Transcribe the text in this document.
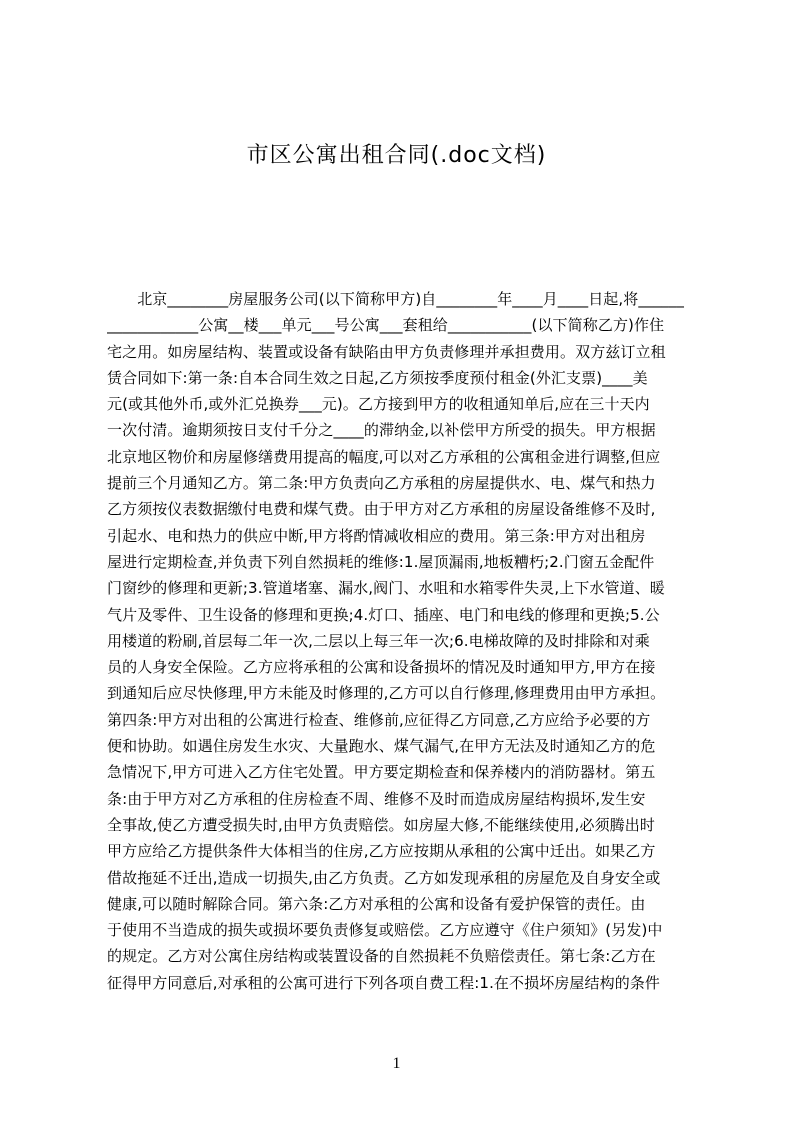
市区公寓出租合同(.doc文档)
　　北京________房屋服务公司(以下简称甲方)自________年____月____日起,将______
____________公寓__楼___单元___号公寓___套租给___________(以下简称乙方)作住
宅之用。如房屋结构、装置或设备有缺陷由甲方负责修理并承担费用。双方兹订立租
赁合同如下:第一条:自本合同生效之日起,乙方须按季度预付租金(外汇支票)____美
元(或其他外币,或外汇兑换券___元)。乙方接到甲方的收租通知单后,应在三十天内
一次付清。逾期须按日支付千分之____的滞纳金,以补偿甲方所受的损失。甲方根据
北京地区物价和房屋修缮费用提高的幅度,可以对乙方承租的公寓租金进行调整,但应
提前三个月通知乙方。第二条:甲方负责向乙方承租的房屋提供水、电、煤气和热力
乙方须按仪表数据缴付电费和煤气费。由于甲方对乙方承租的房屋设备维修不及时,
引起水、电和热力的供应中断,甲方将酌情减收相应的费用。第三条:甲方对出租房
屋进行定期检查,并负责下列自然损耗的维修:1.屋顶漏雨,地板糟朽;2.门窗五金配件
门窗纱的修理和更新;3.管道堵塞、漏水,阀门、水咀和水箱零件失灵,上下水管道、暖
气片及零件、卫生设备的修理和更换;4.灯口、插座、电门和电线的修理和更换;5.公
用楼道的粉刷,首层每二年一次,二层以上每三年一次;6.电梯故障的及时排除和对乘
员的人身安全保险。乙方应将承租的公寓和设备损坏的情况及时通知甲方,甲方在接
到通知后应尽快修理,甲方未能及时修理的,乙方可以自行修理,修理费用由甲方承担。
第四条:甲方对出租的公寓进行检查、维修前,应征得乙方同意,乙方应给予必要的方
便和协助。如遇住房发生水灾、大量跑水、煤气漏气,在甲方无法及时通知乙方的危
急情况下,甲方可进入乙方住宅处置。甲方要定期检查和保养楼内的消防器材。第五
条:由于甲方对乙方承租的住房检查不周、维修不及时而造成房屋结构损坏,发生安
全事故,使乙方遭受损失时,由甲方负责赔偿。如房屋大修,不能继续使用,必须腾出时
甲方应给乙方提供条件大体相当的住房,乙方应按期从承租的公寓中迁出。如果乙方
借故拖延不迁出,造成一切损失,由乙方负责。乙方如发现承租的房屋危及自身安全或
健康,可以随时解除合同。第六条:乙方对承租的公寓和设备有爱护保管的责任。由
于使用不当造成的损失或损坏要负责修复或赔偿。乙方应遵守《住户须知》(另发)中
的规定。乙方对公寓住房结构或装置设备的自然损耗不负赔偿责任。第七条:乙方在
征得甲方同意后,对承租的公寓可进行下列各项自费工程:1.在不损坏房屋结构的条件
1
